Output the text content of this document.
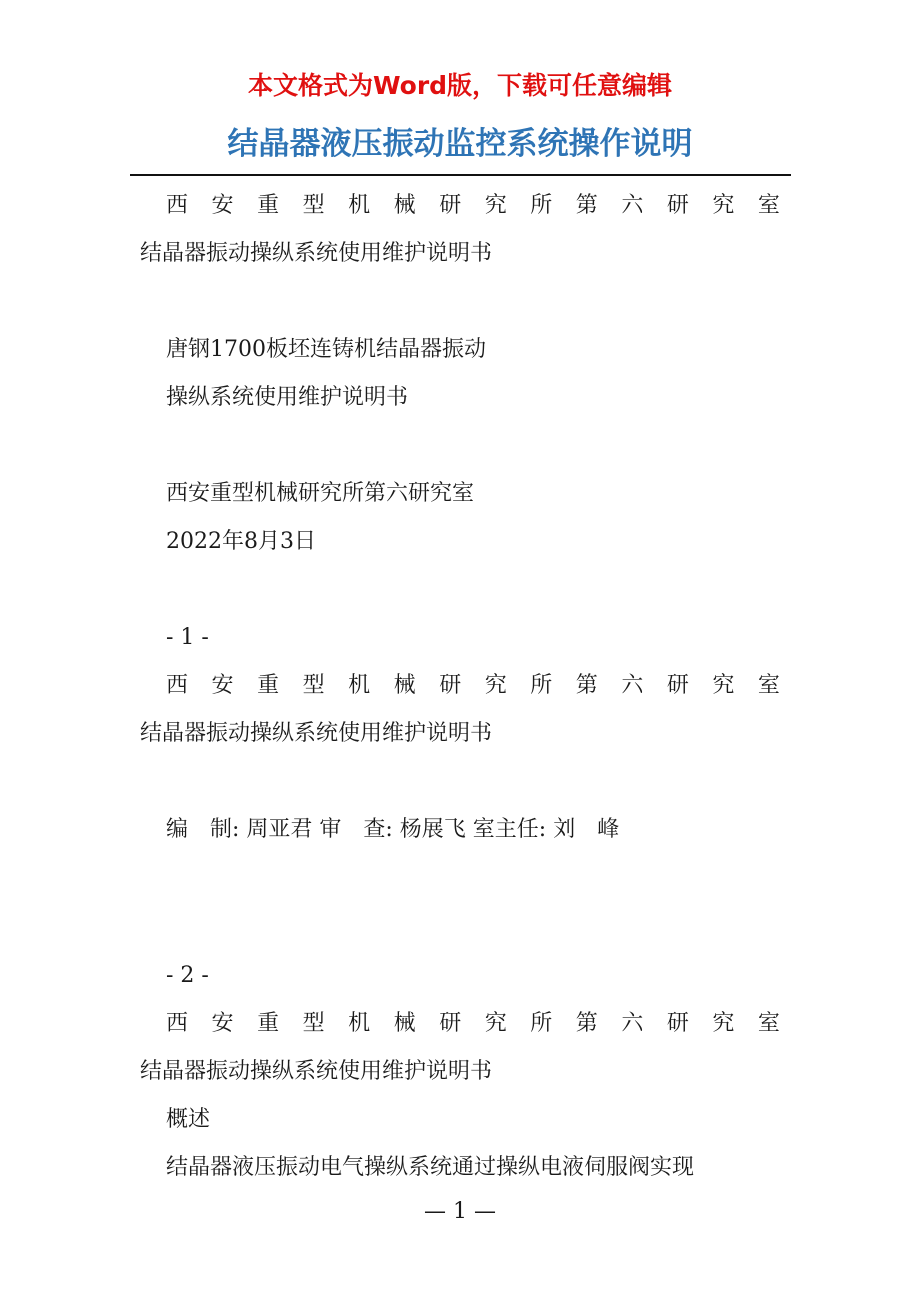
本文格式为Word版，下载可任意编辑
结晶器液压振动监控系统操作说明
西 安 重 型 机 械 研 究 所 第 六 研 究 室
结晶器振动操纵系统使用维护说明书
唐钢1700板坯连铸机结晶器振动
操纵系统使用维护说明书
西安重型机械研究所第六研究室
2022年8月3日
- 1 -
西 安 重 型 机 械 研 究 所 第 六 研 究 室
结晶器振动操纵系统使用维护说明书
编　制: 周亚君 审　查: 杨展飞 室主任: 刘　峰
- 2 -
西 安 重 型 机 械 研 究 所 第 六 研 究 室
结晶器振动操纵系统使用维护说明书
概述
结晶器液压振动电气操纵系统通过操纵电液伺服阀实现
— 1 —
